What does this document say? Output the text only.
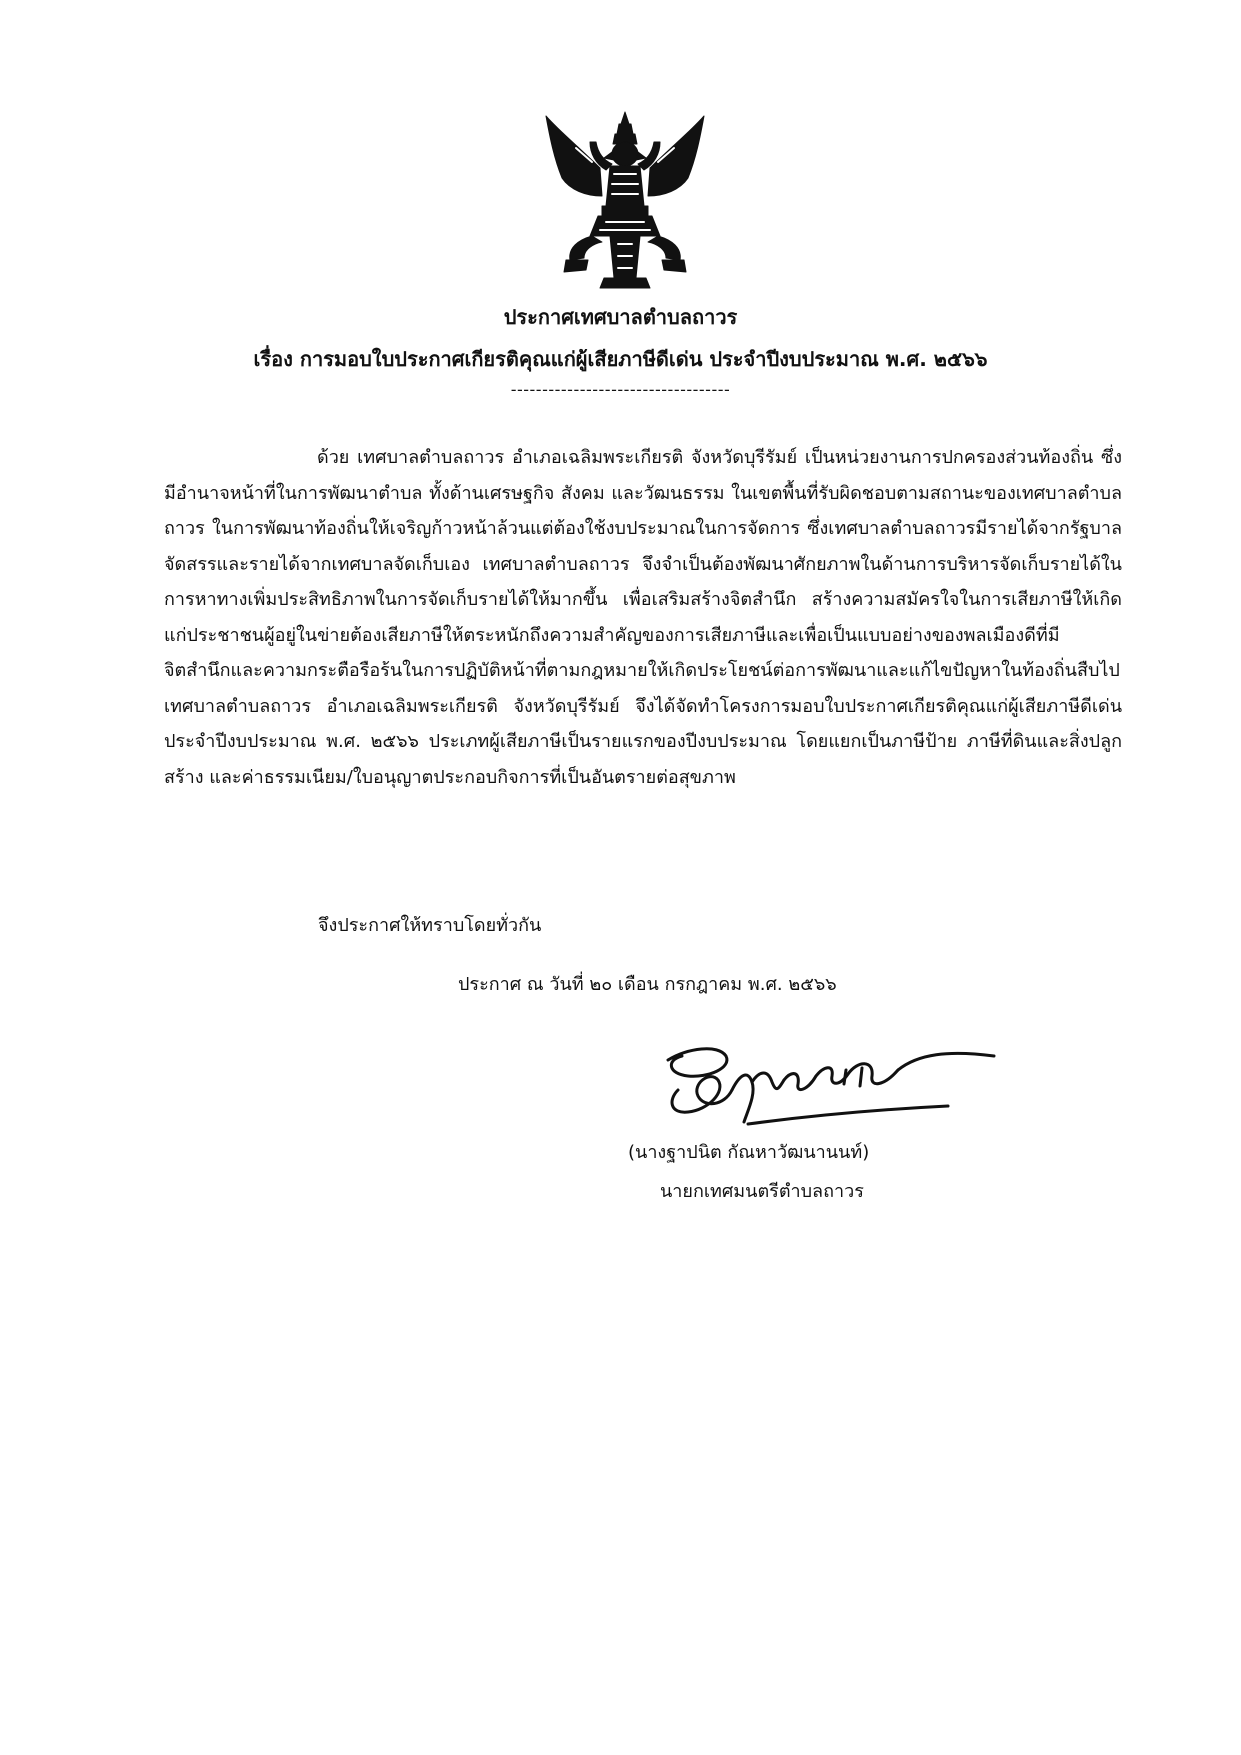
ประกาศเทศบาลตำบลถาวร
เรื่อง การมอบใบประกาศเกียรติคุณแก่ผู้เสียภาษีดีเด่น ประจำปีงบประมาณ พ.ศ. ๒๕๖๖
-----------------------------------

ด้วย เทศบาลตำบลถาวร อำเภอเฉลิมพระเกียรติ จังหวัดบุรีรัมย์ เป็นหน่วยงานการปกครองส่วนท้องถิ่น ซึ่งมีอำนาจหน้าที่ในการพัฒนาตำบล ทั้งด้านเศรษฐกิจ สังคม และวัฒนธรรม ในเขตพื้นที่รับผิดชอบตามสถานะของเทศบาลตำบลถาวร ในการพัฒนาท้องถิ่นให้เจริญก้าวหน้าล้วนแต่ต้องใช้งบประมาณในการจัดการ ซึ่งเทศบาลตำบลถาวรมีรายได้จากรัฐบาลจัดสรรและรายได้จากเทศบาลจัดเก็บเอง เทศบาลตำบลถาวร จึงจำเป็นต้องพัฒนาศักยภาพในด้านการบริหารจัดเก็บรายได้ในการหาทางเพิ่มประสิทธิภาพในการจัดเก็บรายได้ให้มากขึ้น เพื่อเสริมสร้างจิตสำนึก สร้างความสมัครใจในการเสียภาษีให้เกิดแก่ประชาชนผู้อยู่ในข่ายต้องเสียภาษีให้ตระหนักถึงความสำคัญของการเสียภาษีและเพื่อเป็นแบบอย่างของพลเมืองดีที่มีจิตสำนึกและความกระตือรือร้นในการปฏิบัติหน้าที่ตามกฎหมายให้เกิดประโยชน์ต่อการพัฒนาและแก้ไขปัญหาในท้องถิ่นสืบไป เทศบาลตำบลถาวร อำเภอเฉลิมพระเกียรติ จังหวัดบุรีรัมย์ จึงได้จัดทำโครงการมอบใบประกาศเกียรติคุณแก่ผู้เสียภาษีดีเด่น ประจำปีงบประมาณ พ.ศ. ๒๕๖๖ ประเภทผู้เสียภาษีเป็นรายแรกของปีงบประมาณ โดยแยกเป็นภาษีป้าย ภาษีที่ดินและสิ่งปลูกสร้าง และค่าธรรมเนียม/ใบอนุญาตประกอบกิจการที่เป็นอันตรายต่อสุขภาพ

จึงประกาศให้ทราบโดยทั่วกัน
ประกาศ ณ วันที่ ๒๐ เดือน กรกฎาคม พ.ศ. ๒๕๖๖
(นางฐาปนิต กัณหาวัฒนานนท์)
นายกเทศมนตรีตำบลถาวร
